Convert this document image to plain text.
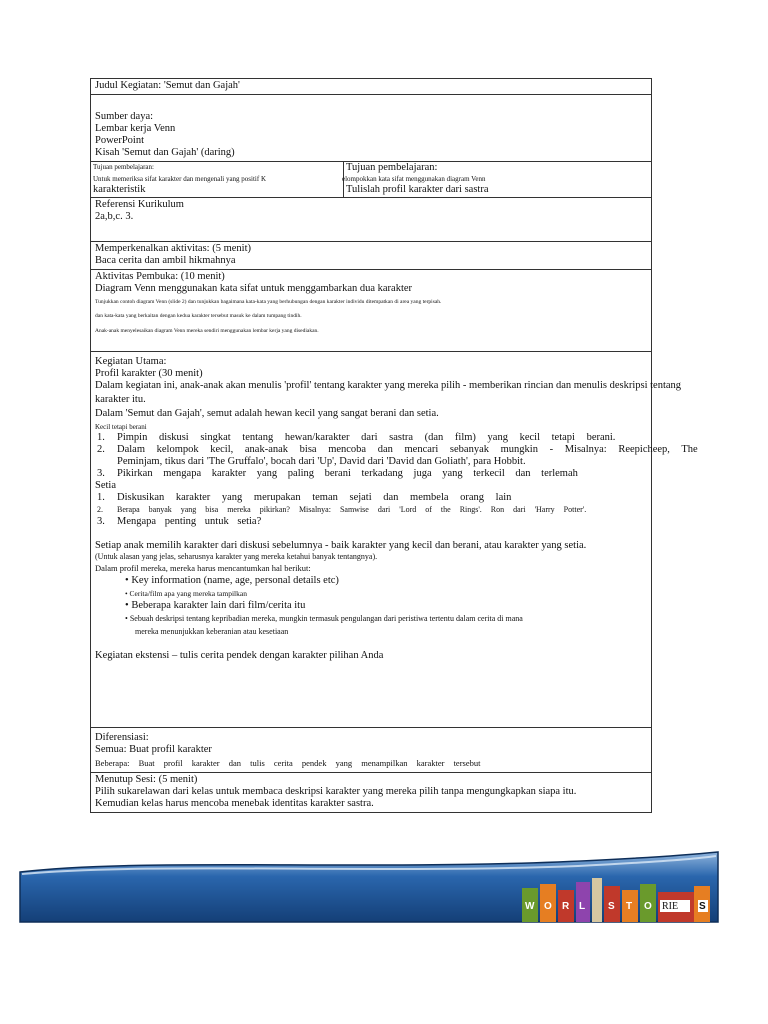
Judul Kegiatan: 'Semut dan Gajah'
Sumber daya:
Lembar kerja Venn
PowerPoint
Kisah 'Semut dan Gajah' (daring)
Tujuan pembelajaran:
Untuk memeriksa sifat karakter dan mengenali yang positif K
karakteristik
Tujuan pembelajaran:
elompokkan kata sifat menggunakan diagram Venn
Tulislah profil karakter dari sastra
Referensi Kurikulum
2a,b,c. 3.
Memperkenalkan aktivitas: (5 menit)
Baca cerita dan ambil hikmahnya
Aktivitas Pembuka: (10 menit)
Diagram Venn menggunakan kata sifat untuk menggambarkan dua karakter
Tunjukkan contoh diagram Venn (slide 2) dan tunjukkan bagaimana kata-kata yang berhubungan dengan karakter individu ditempatkan di area yang terpisah.
dan kata-kata yang berkaitan dengan kedua karakter tersebut masuk ke dalam tumpang tindih.
Anak-anak menyelesaikan diagram Venn mereka sendiri menggunakan lembar kerja yang disediakan.
Kegiatan Utama:
Profil karakter (30 menit)
Dalam kegiatan ini, anak-anak akan menulis 'profil' tentang karakter yang mereka pilih - memberikan rincian dan menulis deskripsi tentang
karakter itu.
Dalam 'Semut dan Gajah', semut adalah hewan kecil yang sangat berani dan setia.
Kecil tetapi berani
1. Pimpin diskusi singkat tentang hewan/karakter dari sastra (dan film) yang kecil tetapi berani.
2. Dalam kelompok kecil, anak-anak bisa mencoba dan mencari sebanyak mungkin - Misalnya: Reepicheep, The
Peminjam, tikus dari 'The Gruffalo', bocah dari 'Up', David dari 'David dan Goliath', para Hobbit.
3. Pikirkan mengapa karakter yang paling berani terkadang juga yang terkecil dan terlemah
Setia
1. Diskusikan karakter yang merupakan teman sejati dan membela orang lain
2. Berapa banyak yang bisa mereka pikirkan? Misalnya: Samwise dari 'Lord of the Rings'. Ron dari 'Harry Potter'.
3. Mengapa penting untuk setia?
Setiap anak memilih karakter dari diskusi sebelumnya - baik karakter yang kecil dan berani, atau karakter yang setia.
(Untuk alasan yang jelas, seharusnya karakter yang mereka ketahui banyak tentangnya).
Dalam profil mereka, mereka harus mencantumkan hal berikut:
• Key information (name, age, personal details etc)
• Cerita/film apa yang mereka tampilkan
• Beberapa karakter lain dari film/cerita itu
• Sebuah deskripsi tentang kepribadian mereka, mungkin termasuk pengulangan dari peristiwa tertentu dalam cerita di mana
mereka menunjukkan keberanian atau kesetiaan
Kegiatan ekstensi – tulis cerita pendek dengan karakter pilihan Anda
Diferensiasi:
Semua: Buat profil karakter
Beberapa: Buat profil karakter dan tulis cerita pendek yang menampilkan karakter tersebut
Menutup Sesi: (5 menit)
Pilih sukarelawan dari kelas untuk membaca deskripsi karakter yang mereka pilih tanpa mengungkapkan siapa itu.
Kemudian kelas harus mencoba menebak identitas karakter sastra.
W O R L S T O RIE S
